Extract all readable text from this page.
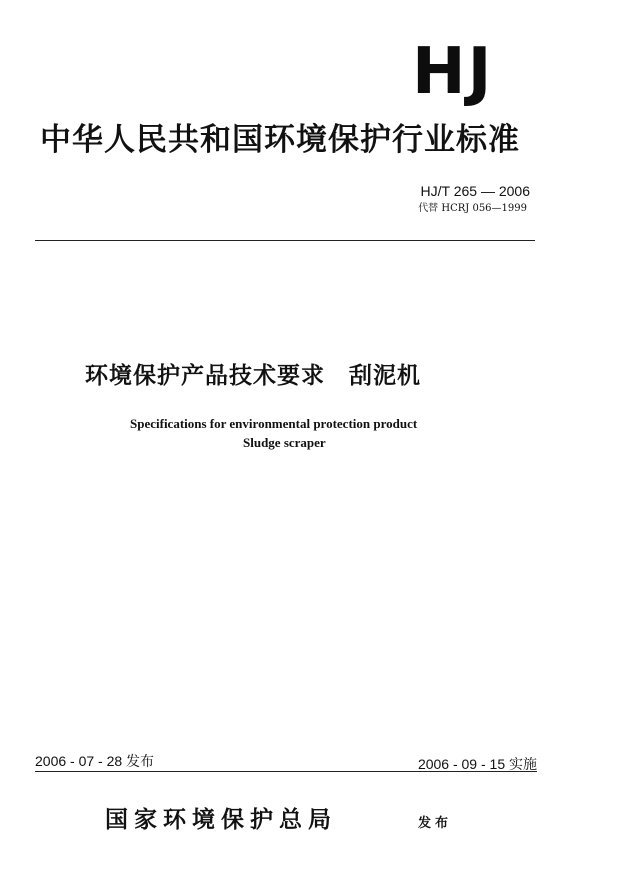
HJ
中华人民共和国环境保护行业标准
HJ/T 265 — 2006
代替 HCRJ 056—1999
环境保护产品技术要求　刮泥机
Specifications for environmental protection product
Sludge scraper
2006 - 07 - 28 发布	2006 - 09 - 15 实施
国家环境保护总局	发布
